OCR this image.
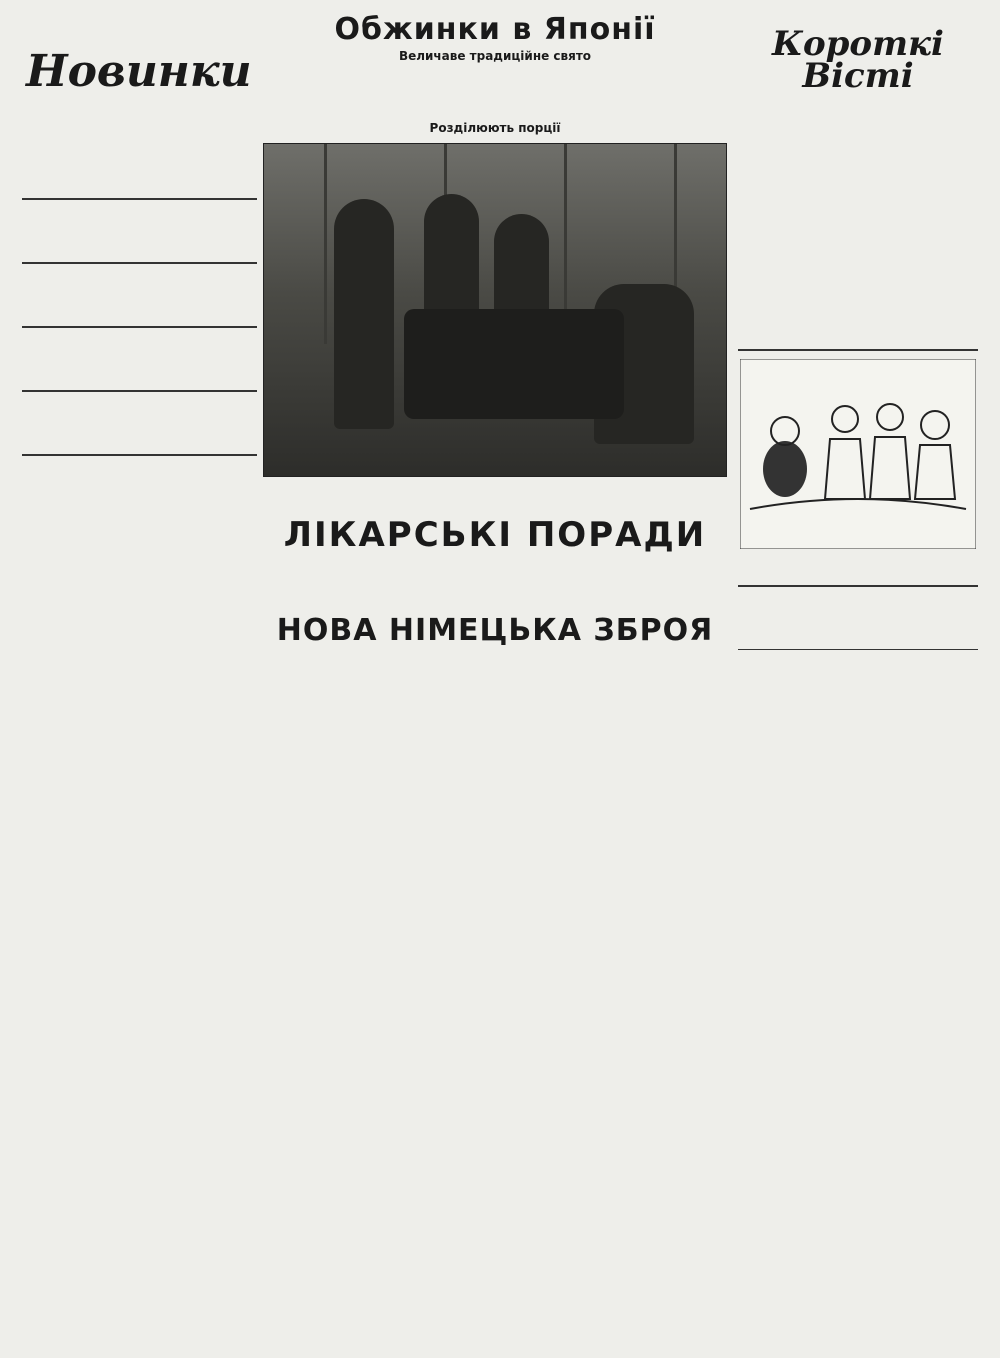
Новинки
Обжинки в Японії
Величаве традиційне свято
Розділюють порції
ЛІКАРСЬКІ ПОРАДИ
НОВА НІМЕЦЬКА ЗБРОЯ
Короткі
Вісті
